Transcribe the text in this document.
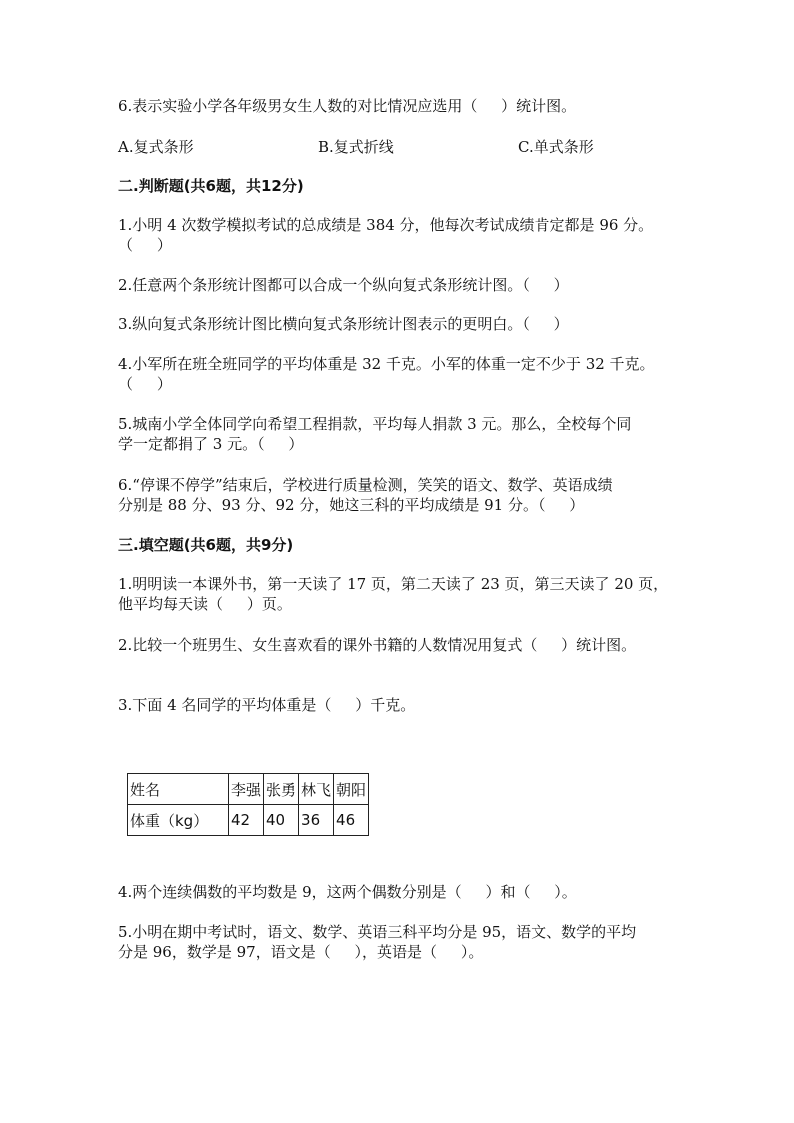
6.表示实验小学各年级男女生人数的对比情况应选用（     ）统计图。
A.复式条形	B.复式折线	C.单式条形
二.判断题(共6题，共12分)
1.小明 4 次数学模拟考试的总成绩是 384 分，他每次考试成绩肯定都是 96 分。
（     ）
2.任意两个条形统计图都可以合成一个纵向复式条形统计图。（     ）
3.纵向复式条形统计图比横向复式条形统计图表示的更明白。（     ）
4.小军所在班全班同学的平均体重是 32 千克。小军的体重一定不少于 32 千克。
（     ）
5.城南小学全体同学向希望工程捐款，平均每人捐款 3 元。那么，全校每个同
学一定都捐了 3 元。（     ）
6.“停课不停学”结束后，学校进行质量检测，笑笑的语文、数学、英语成绩
分别是 88 分、93 分、92 分，她这三科的平均成绩是 91 分。（     ）
三.填空题(共6题，共9分)
1.明明读一本课外书，第一天读了 17 页，第二天读了 23 页，第三天读了 20 页，
他平均每天读（     ）页。
2.比较一个班男生、女生喜欢看的课外书籍的人数情况用复式（     ）统计图。
3.下面 4 名同学的平均体重是（     ）千克。
姓名	李强	张勇	林飞	朝阳
体重（kg）	42	40	36	46
4.两个连续偶数的平均数是 9，这两个偶数分别是（     ）和（     ）。
5.小明在期中考试时，语文、数学、英语三科平均分是 95，语文、数学的平均
分是 96，数学是 97，语文是（     ），英语是（     ）。
